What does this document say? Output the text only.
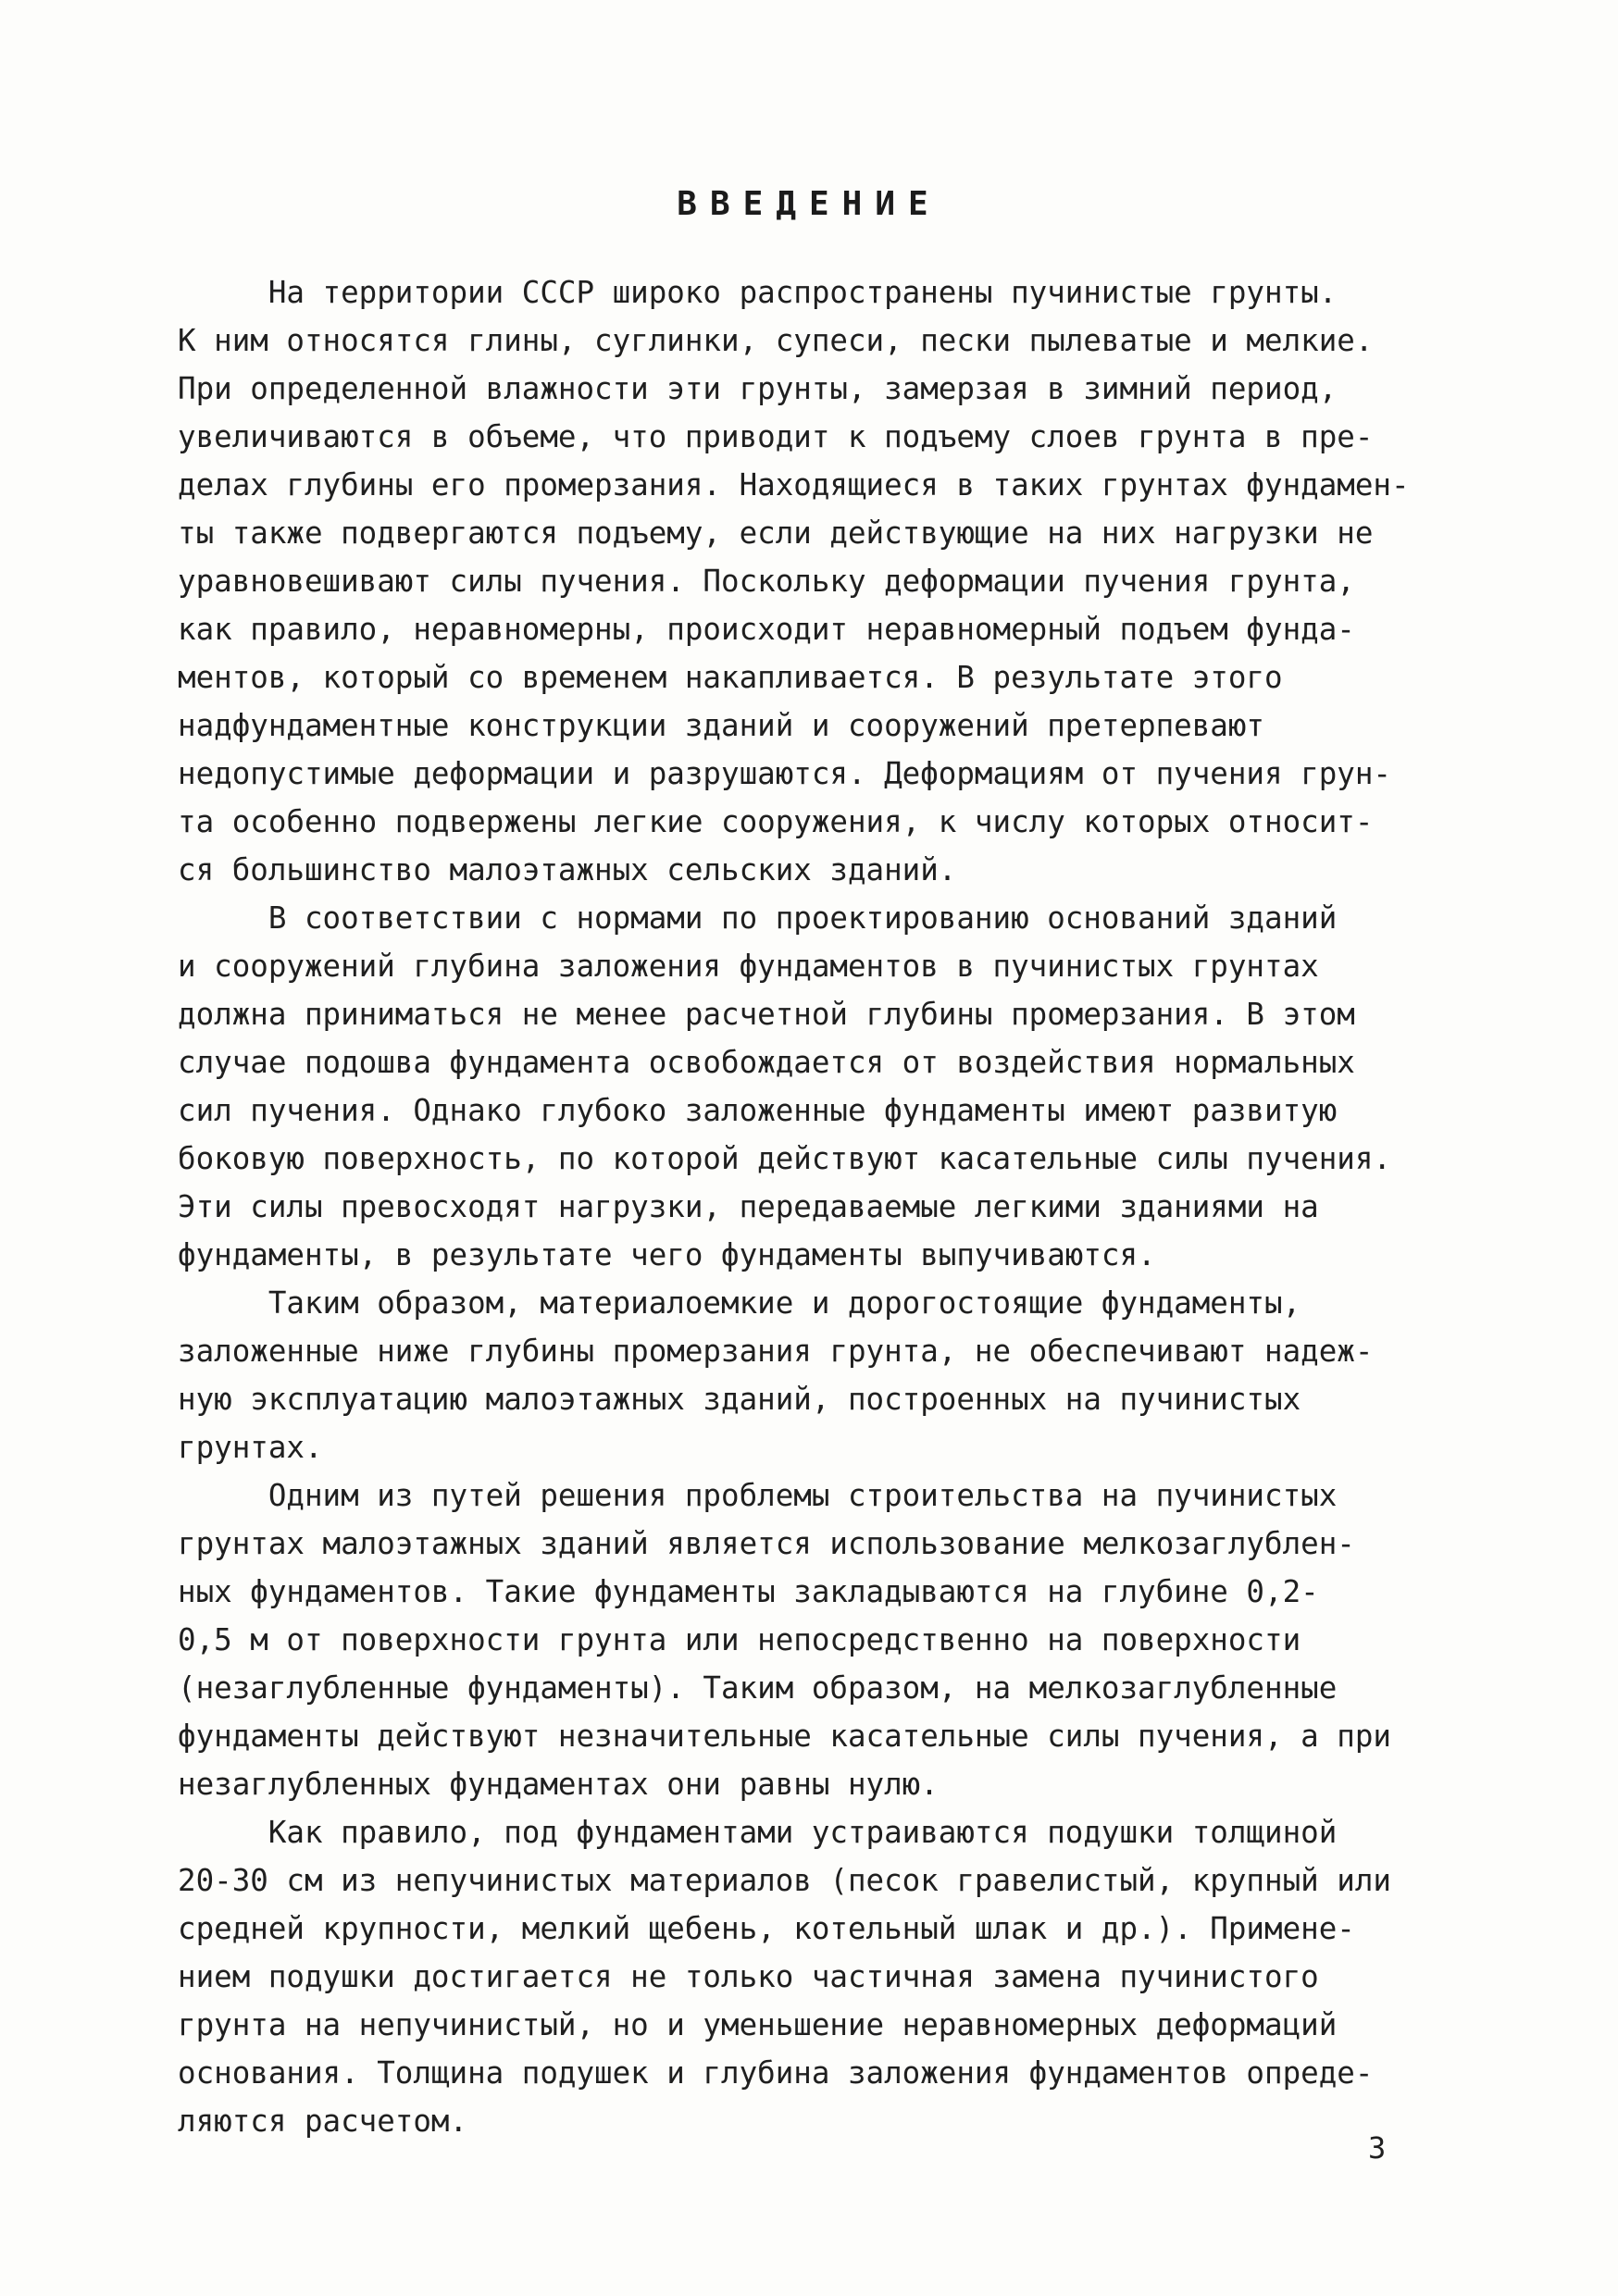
ВВЕДЕНИЕ
На территории СССР широко распространены пучинистые грунты.
К ним относятся глины, суглинки, супеси, пески пылеватые и мелкие.
При определенной влажности эти грунты, замерзая в зимний период,
увеличиваются в объеме, что приводит к подъему слоев грунта в пре-
делах глубины его промерзания. Находящиеся в таких грунтах фундамен-
ты также подвергаются подъему, если действующие на них нагрузки не
уравновешивают силы пучения. Поскольку деформации пучения грунта,
как правило, неравномерны, происходит неравномерный подъем фунда-
ментов, который со временем накапливается. В результате этого
надфундаментные конструкции зданий и сооружений претерпевают
недопустимые деформации и разрушаются. Деформациям от пучения грун-
та особенно подвержены легкие сооружения, к числу которых относит-
ся большинство малоэтажных сельских зданий.
В соответствии с нормами по проектированию оснований зданий
и сооружений глубина заложения фундаментов в пучинистых грунтах
должна приниматься не менее расчетной глубины промерзания. В этом
случае подошва фундамента освобождается от воздействия нормальных
сил пучения. Однако глубоко заложенные фундаменты имеют развитую
боковую поверхность, по которой действуют касательные силы пучения.
Эти силы превосходят нагрузки, передаваемые легкими зданиями на
фундаменты, в результате чего фундаменты выпучиваются.
Таким образом, материалоемкие и дорогостоящие фундаменты,
заложенные ниже глубины промерзания грунта, не обеспечивают надеж-
ную эксплуатацию малоэтажных зданий, построенных на пучинистых
грунтах.
Одним из путей решения проблемы строительства на пучинистых
грунтах малоэтажных зданий является использование мелкозаглублен-
ных фундаментов. Такие фундаменты закладываются на глубине 0,2-
0,5 м от поверхности грунта или непосредственно на поверхности
(незаглубленные фундаменты). Таким образом, на мелкозаглубленные
фундаменты действуют незначительные касательные силы пучения, а при
незаглубленных фундаментах они равны нулю.
Как правило, под фундаментами устраиваются подушки толщиной
20-30 см из непучинистых материалов (песок гравелистый, крупный или
средней крупности, мелкий щебень, котельный шлак и др.). Примене-
нием подушки достигается не только частичная замена пучинистого
грунта на непучинистый, но и уменьшение неравномерных деформаций
основания. Толщина подушек и глубина заложения фундаментов опреде-
ляются расчетом.
3
